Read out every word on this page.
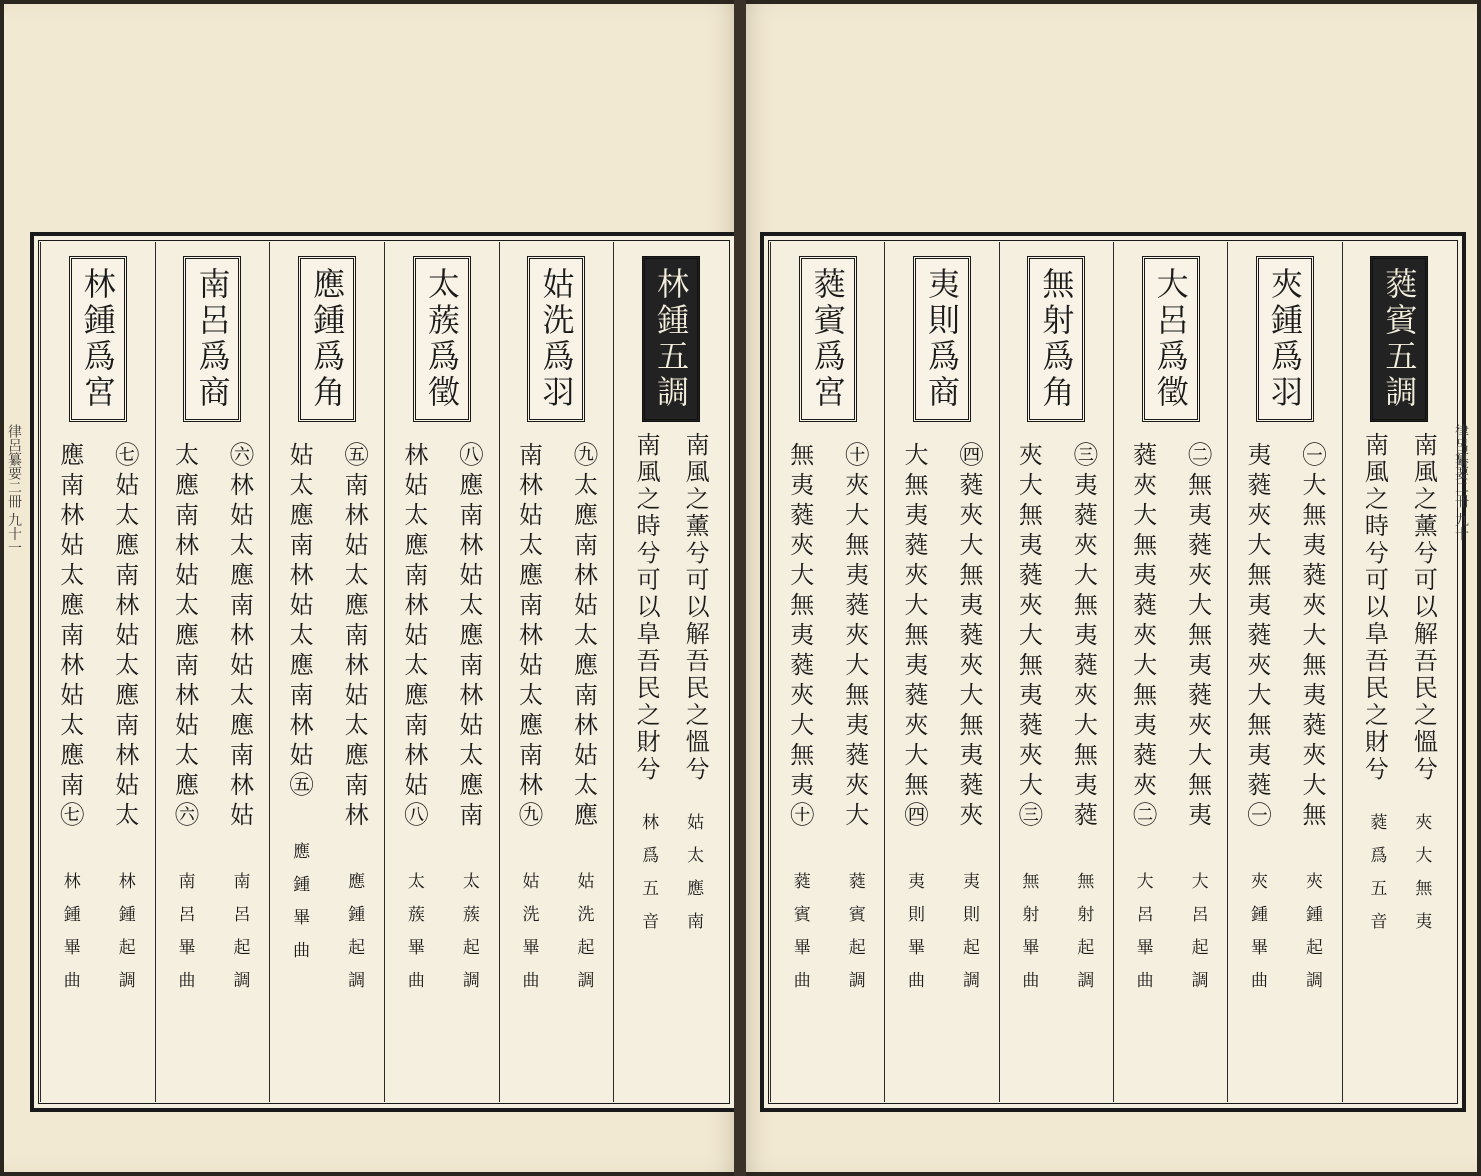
林鍾五調
南風之薰兮可以解吾民之慍兮
南風之時兮可以阜吾民之財兮
姑太應南
林爲五音
姑洗爲羽
㊈太應南林姑太應南林姑太應
姑洗起調
南林姑太應南林姑太應南林㊈
姑洗畢曲
太蔟爲徵
㊇應南林姑太應南林姑太應南
太蔟起調
林姑太應南林姑太應南林姑㊇
太蔟畢曲
應鍾爲角
㊄南林姑太應南林姑太應南林
應鍾起調
姑太應南林姑太應南林姑㊄
應鍾畢曲
南呂爲商
㊅林姑太應南林姑太應南林姑
南呂起調
太應南林姑太應南林姑太應㊅
南呂畢曲
林鍾爲宮
㊆姑太應南林姑太應南林姑太
林鍾起調
應南林姑太應南林姑太應南㊆
林鍾畢曲
律呂纂要二冊 九十一
蕤賓五調
南風之薰兮可以解吾民之慍兮
南風之時兮可以阜吾民之財兮
夾大無夷
蕤爲五音
夾鍾爲羽
㊀大無夷蕤夾大無夷蕤夾大無
夾鍾起調
夷蕤夾大無夷蕤夾大無夷蕤㊀
夾鍾畢曲
大呂爲徵
㊁無夷蕤夾大無夷蕤夾大無夷
大呂起調
蕤夾大無夷蕤夾大無夷蕤夾㊁
大呂畢曲
無射爲角
㊂夷蕤夾大無夷蕤夾大無夷蕤
無射起調
夾大無夷蕤夾大無夷蕤夾大㊂
無射畢曲
夷則爲商
㊃蕤夾大無夷蕤夾大無夷蕤夾
夷則起調
大無夷蕤夾大無夷蕤夾大無㊃
夷則畢曲
蕤賓爲宮
㊉夾大無夷蕤夾大無夷蕤夾大
蕤賓起調
無夷蕤夾大無夷蕤夾大無夷㊉
蕤賓畢曲
律呂纂要二冊 九十
